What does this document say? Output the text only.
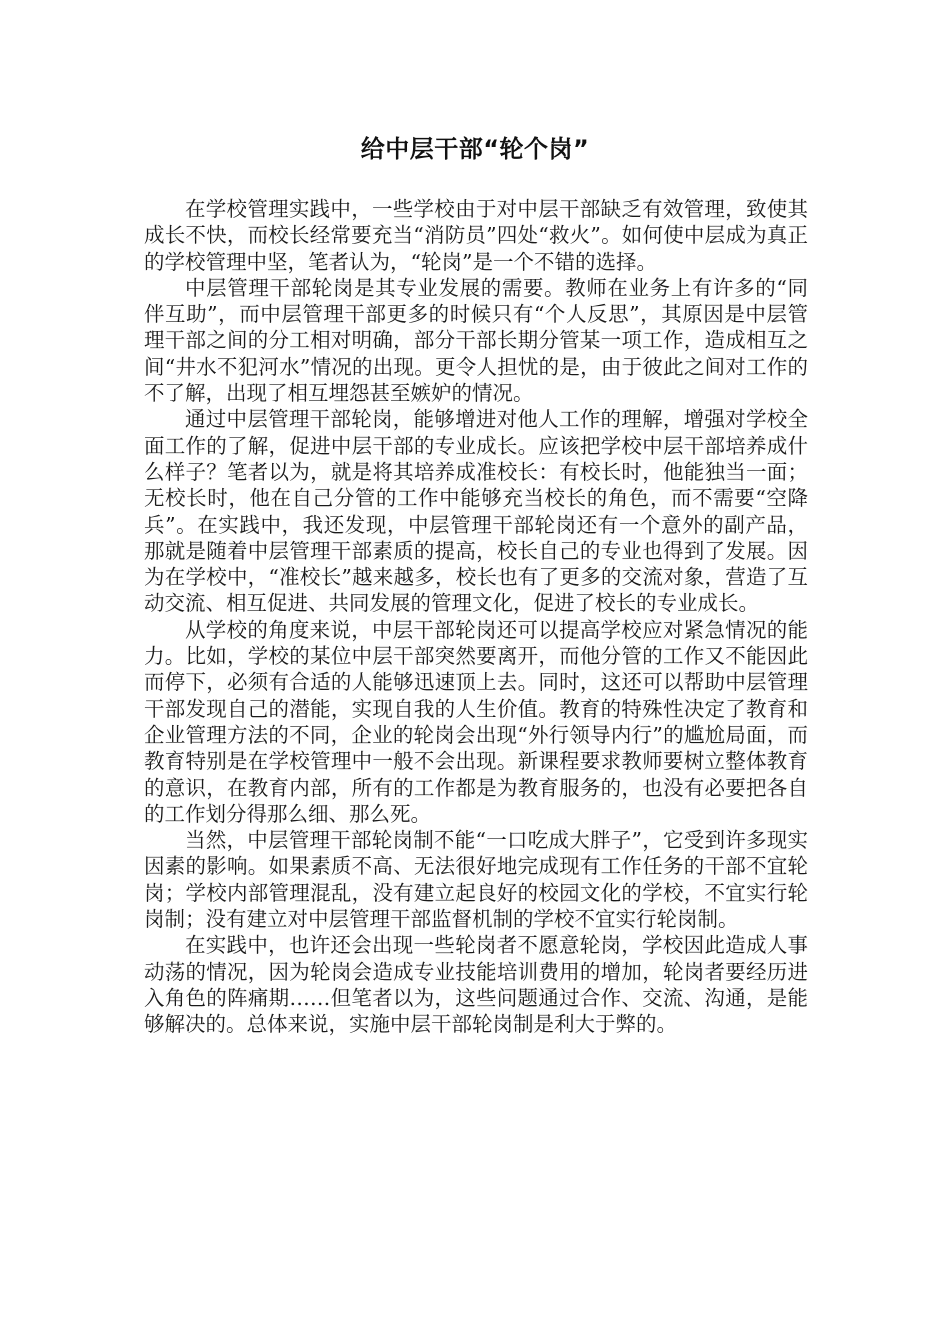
给中层干部“轮个岗”

在学校管理实践中，一些学校由于对中层干部缺乏有效管理，致使其成长不快，而校长经常要充当“消防员”四处“救火”。如何使中层成为真正的学校管理中坚，笔者认为，“轮岗”是一个不错的选择。

中层管理干部轮岗是其专业发展的需要。教师在业务上有许多的“同伴互助”，而中层管理干部更多的时候只有“个人反思”，其原因是中层管理干部之间的分工相对明确，部分干部长期分管某一项工作，造成相互之间“井水不犯河水”情况的出现。更令人担忧的是，由于彼此之间对工作的不了解，出现了相互埋怨甚至嫉妒的情况。

通过中层管理干部轮岗，能够增进对他人工作的理解，增强对学校全面工作的了解，促进中层干部的专业成长。应该把学校中层干部培养成什么样子？笔者以为，就是将其培养成准校长：有校长时，他能独当一面；无校长时，他在自己分管的工作中能够充当校长的角色，而不需要“空降兵”。在实践中，我还发现，中层管理干部轮岗还有一个意外的副产品，那就是随着中层管理干部素质的提高，校长自己的专业也得到了发展。因为在学校中，“准校长”越来越多，校长也有了更多的交流对象，营造了互动交流、相互促进、共同发展的管理文化，促进了校长的专业成长。

从学校的角度来说，中层干部轮岗还可以提高学校应对紧急情况的能力。比如，学校的某位中层干部突然要离开，而他分管的工作又不能因此而停下，必须有合适的人能够迅速顶上去。同时，这还可以帮助中层管理干部发现自己的潜能，实现自我的人生价值。教育的特殊性决定了教育和企业管理方法的不同，企业的轮岗会出现“外行领导内行”的尴尬局面，而教育特别是在学校管理中一般不会出现。新课程要求教师要树立整体教育的意识，在教育内部，所有的工作都是为教育服务的，也没有必要把各自的工作划分得那么细、那么死。

当然，中层管理干部轮岗制不能“一口吃成大胖子”，它受到许多现实因素的影响。如果素质不高、无法很好地完成现有工作任务的干部不宜轮岗；学校内部管理混乱，没有建立起良好的校园文化的学校，不宜实行轮岗制；没有建立对中层管理干部监督机制的学校不宜实行轮岗制。

在实践中，也许还会出现一些轮岗者不愿意轮岗，学校因此造成人事动荡的情况，因为轮岗会造成专业技能培训费用的增加，轮岗者要经历进入角色的阵痛期……但笔者以为，这些问题通过合作、交流、沟通，是能够解决的。总体来说，实施中层干部轮岗制是利大于弊的。
